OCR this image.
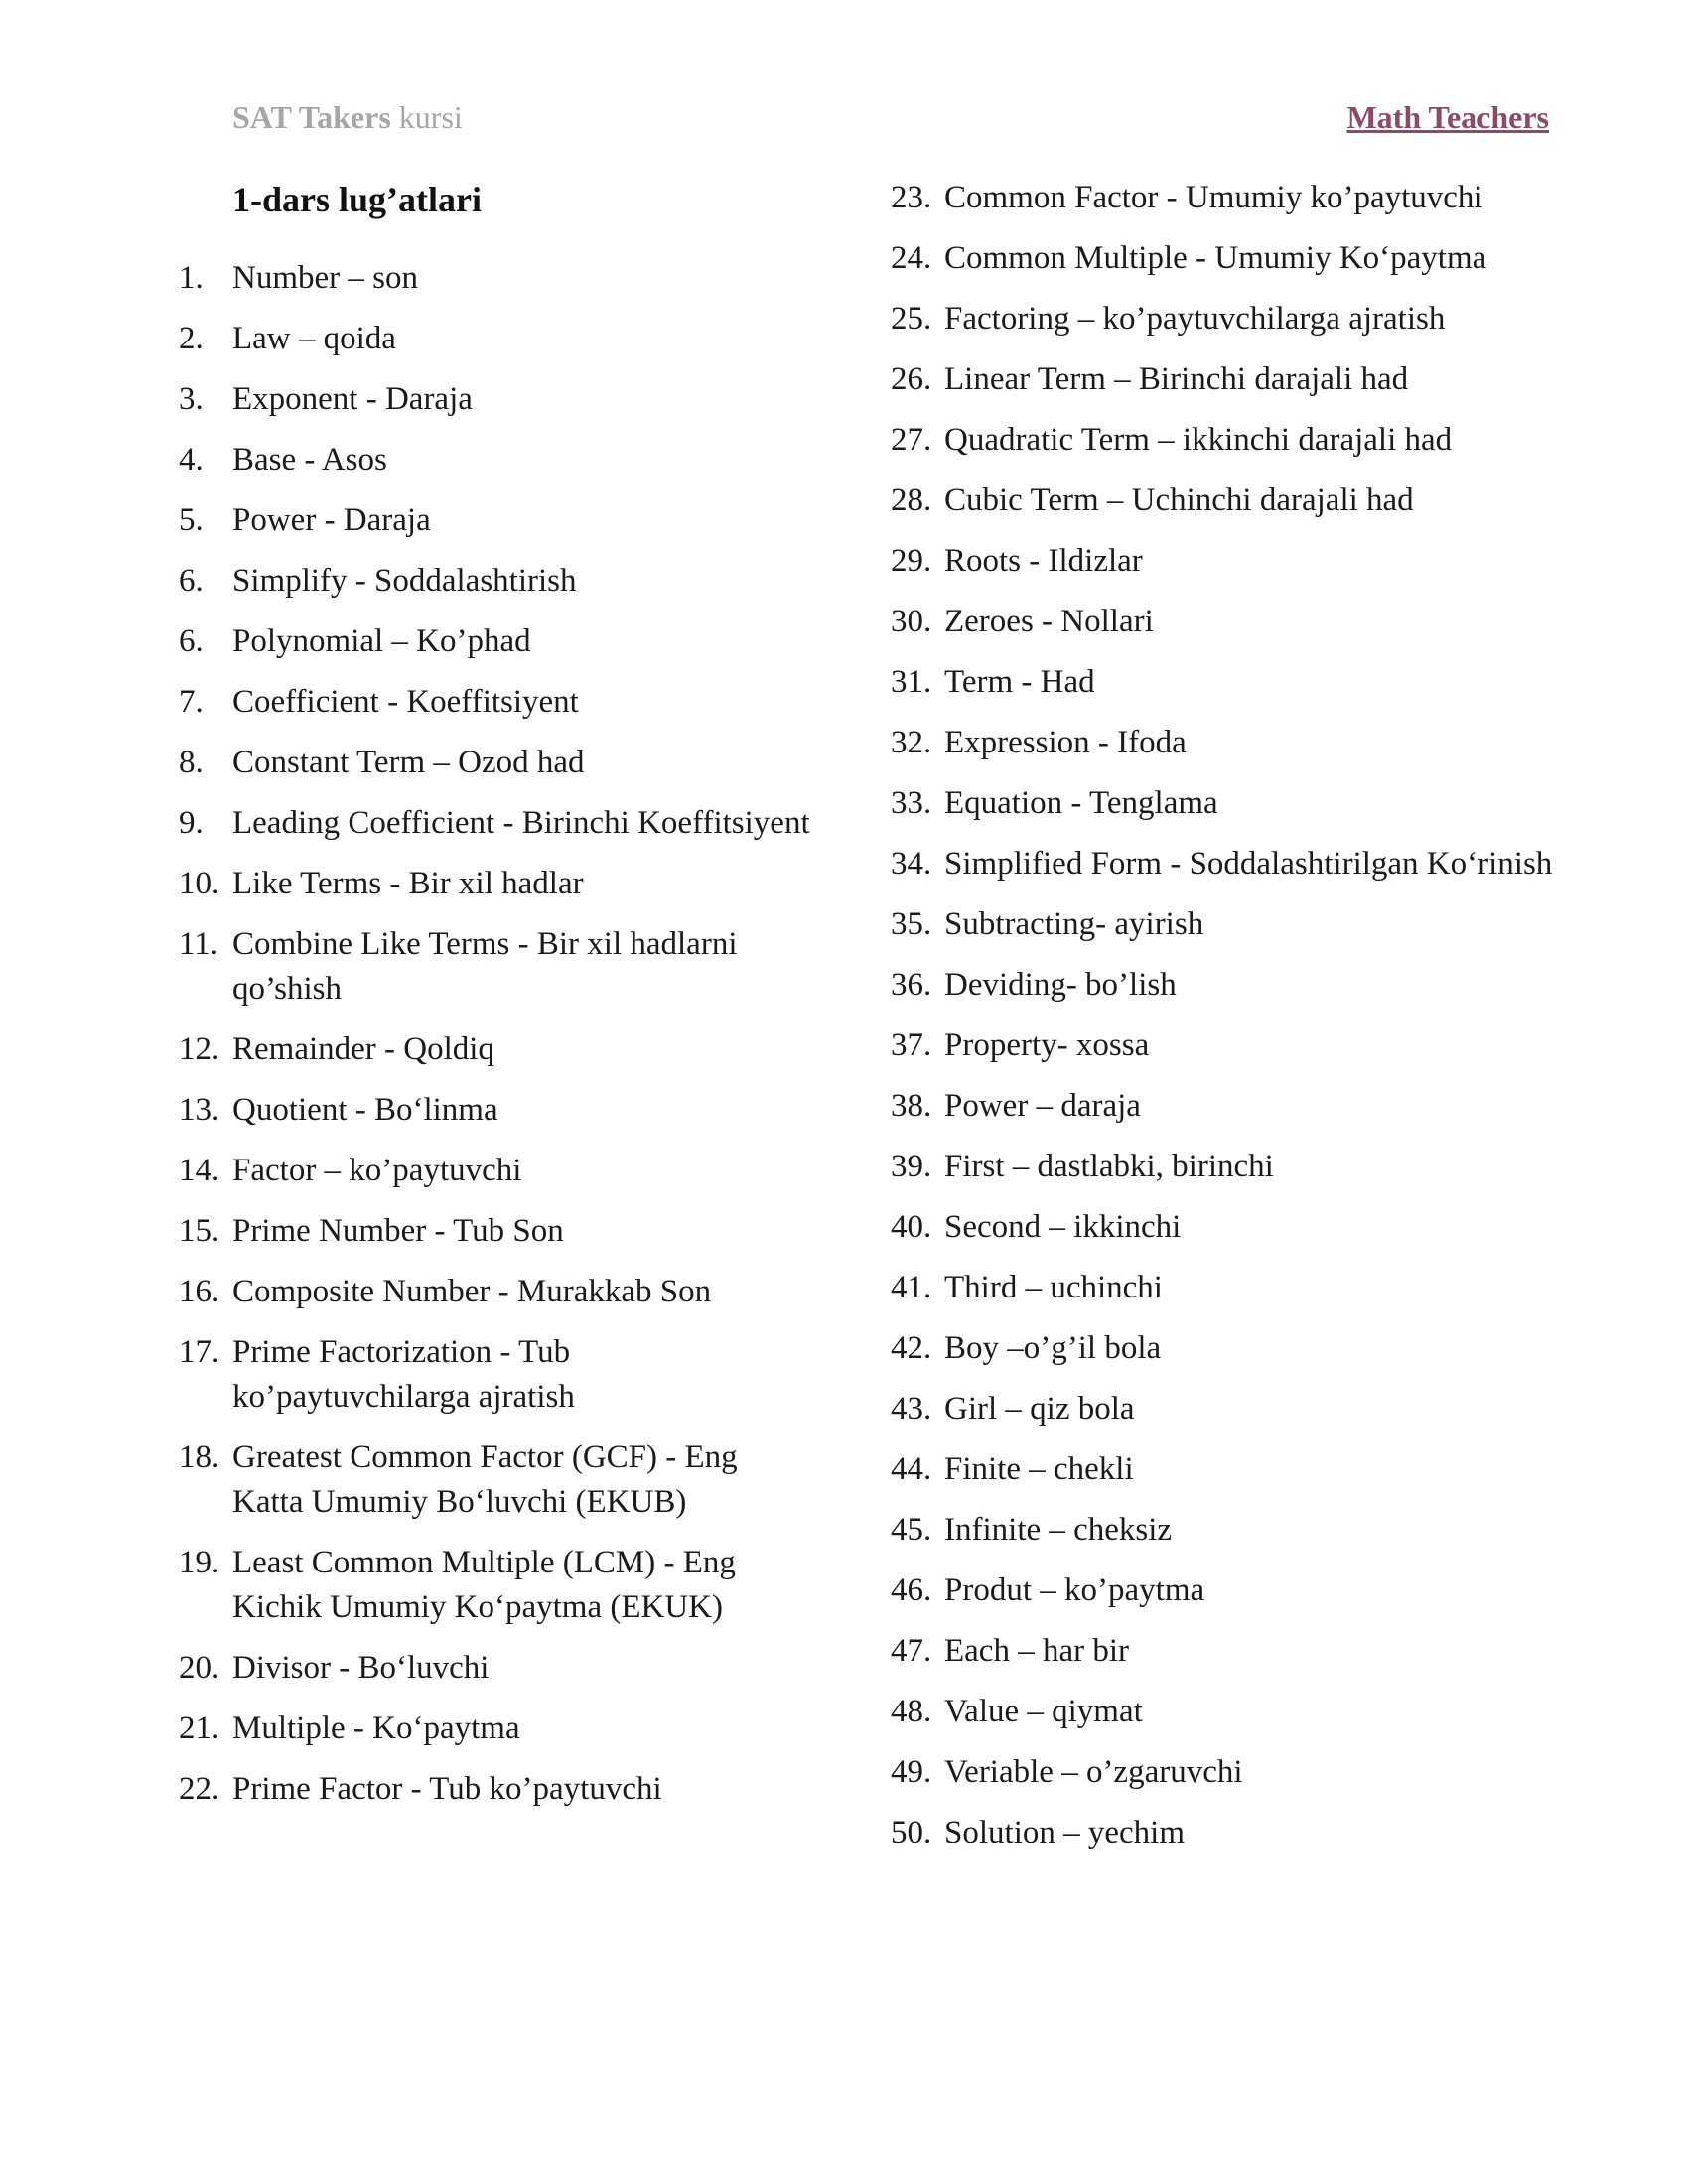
SAT Takers kursi	Math Teachers
1-dars lug’atlari
1. Number – son
2. Law – qoida
3. Exponent - Daraja
4. Base - Asos
5. Power - Daraja
6. Simplify - Soddalashtirish
6. Polynomial – Ko’phad
7. Coefficient - Koeffitsiyent
8. Constant Term – Ozod had
9. Leading Coefficient - Birinchi Koeffitsiyent
10. Like Terms - Bir xil hadlar
11. Combine Like Terms - Bir xil hadlarni qo’shish
12. Remainder - Qoldiq
13. Quotient - Bo‘linma
14. Factor – ko’paytuvchi
15. Prime Number - Tub Son
16. Composite Number - Murakkab Son
17. Prime Factorization - Tub ko’paytuvchilarga ajratish
18. Greatest Common Factor (GCF) - Eng Katta Umumiy Bo‘luvchi (EKUB)
19. Least Common Multiple (LCM) - Eng Kichik Umumiy Ko‘paytma (EKUK)
20. Divisor - Bo‘luvchi
21. Multiple - Ko‘paytma
22. Prime Factor - Tub ko’paytuvchi
23. Common Factor - Umumiy ko’paytuvchi
24. Common Multiple - Umumiy Ko‘paytma
25. Factoring – ko’paytuvchilarga ajratish
26. Linear Term – Birinchi darajali had
27. Quadratic Term – ikkinchi darajali had
28. Cubic Term – Uchinchi darajali had
29. Roots - Ildizlar
30. Zeroes - Nollari
31. Term - Had
32. Expression - Ifoda
33. Equation - Tenglama
34. Simplified Form - Soddalashtirilgan Ko‘rinish
35. Subtracting- ayirish
36. Deviding- bo’lish
37. Property- xossa
38. Power – daraja
39. First – dastlabki, birinchi
40. Second – ikkinchi
41. Third – uchinchi
42. Boy –o’g’il bola
43. Girl – qiz bola
44. Finite – chekli
45. Infinite – cheksiz
46. Produt – ko’paytma
47. Each – har bir
48. Value – qiymat
49. Veriable – o’zgaruvchi
50. Solution – yechim
